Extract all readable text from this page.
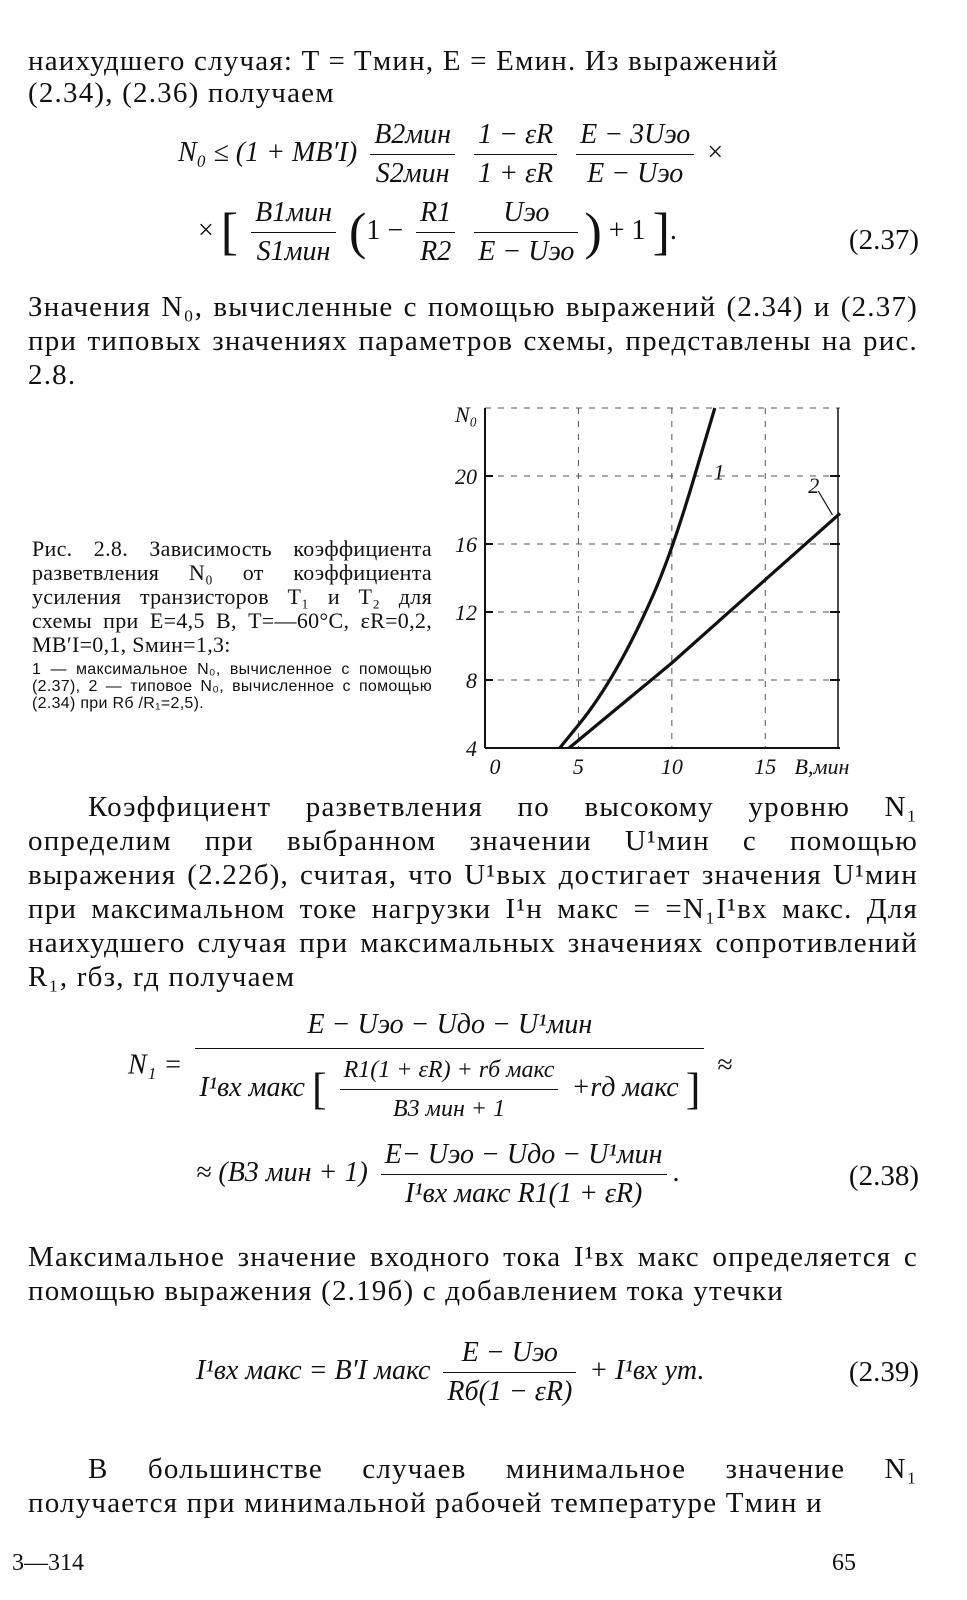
наихудшего случая: T = Tмин, E = Eмин. Из выражений
(2.34), (2.36) получаем
$N_0 \le (1 + MB'I) \frac{\text{B2мин}}{\text{S2мин}}$
$\frac{1 - \varepsilon R}{1 + \varepsilon R}$
$\frac{\text{E − 3Uэо}}{\text{E − Uэо}}$ ×
× [ $\frac{\text{B1мин}}{\text{S1мин}} (1 - \frac{R1}{R2}$
$\frac{\text{Uэо}}{\text{E − Uэо}}$ ) + 1 ].	(2.37)
Значения N₀, вычисленные с помощью выражений (2.34) и (2.37) при типовых значениях параметров схемы, представлены на рис. 2.8.
Рис. 2.8. Зависимость коэффициента разветвления N₀ от коэффициента усиления транзисторов T₁ и T₂ для схемы при E=4,5 В, T=—60°С, εR=0,2, MB′I=0,1, Sмин=1,3:
1 — максимальное N₀, вычисленное с помощью (2.37), 2 — типовое N₀, вычисленное с помощью (2.34) при Rб /R₁=2,5).
4
8
12
16
20
0	5	10	15
N₀
B,мин
1
2
Коэффициент разветвления по высокому уровню N₁ определим при выбранном значении U¹мин с помощью выражения (2.22б), считая, что U¹вых достигает значения U¹мин при максимальном токе нагрузки I¹н макс = =N₁I¹вх макс. Для наихудшего случая при максимальных значениях сопротивлений R₁, rбз, rд получаем
N₁ =
E − Uэо − Uдо − U¹мин
I¹вх макс [ $\frac{\text{R1(1 + εR) + rб макс}}{\text{B3 мин + 1}} +rд$ макс ] ≈
≈ (B3 мин + $1) \frac{\text{E− Uэо − Uдо − U¹мин}}{\text{I¹вх макс R1(1 + εR)}}$ .	(2.38)
Максимальное значение входного тока I¹вх макс определяется с помощью выражения (2.19б) с добавлением тока утечки
I¹вх макс = B′I макс $\frac{\text{E − Uэо}}{Rб(1 - \varepsilon R)} + I^1вх$ ут.	(2.39)
В большинстве случаев минимальное значение N₁ получается при минимальной рабочей температуре Tмин и
3—314	65
